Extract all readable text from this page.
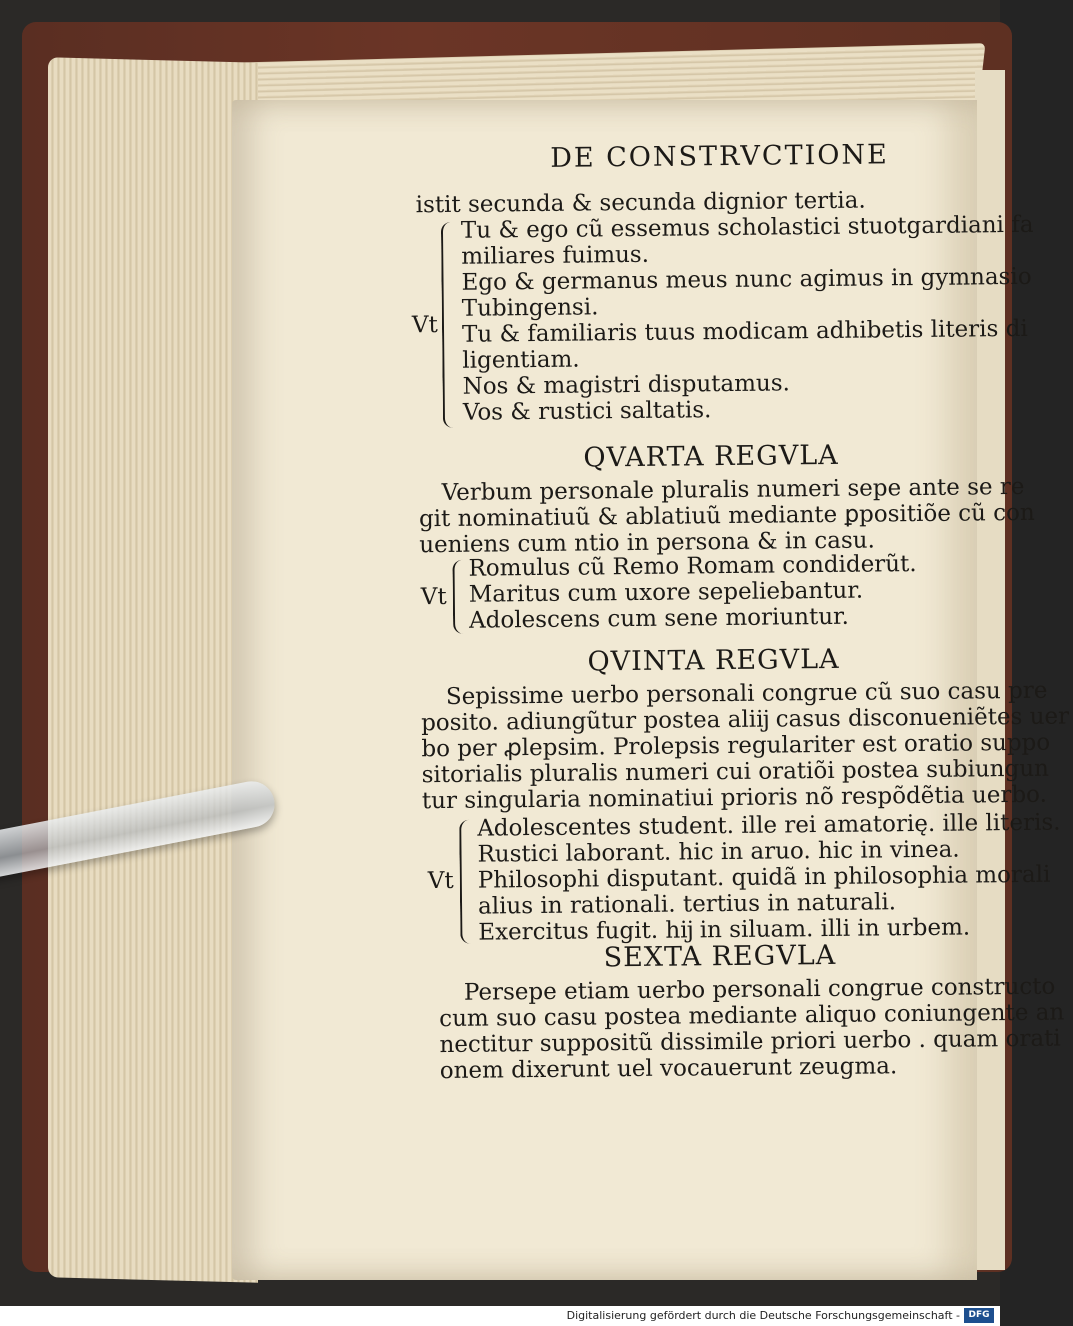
DE CONSTRVCTIONE
istit secunda & secunda dignior tertia.
Vt
Tu & ego cũ essemus scholastici stuotgardiani fa
miliares fuimus.
Ego & germanus meus nunc agimus in gymnasio
Tubingensi.
Tu & familiaris tuus modicam adhibetis literis di
ligentiam.
Nos & magistri disputamus.
Vos & rustici saltatis.
QVARTA REGVLA
Verbum personale pluralis numeri sepe ante se re
git nominatiuũ & ablatiuũ mediante ꝑpositiõe cũ con
ueniens cum ntio in persona & in casu.
Vt
Romulus cũ Remo Romam condiderũt.
Maritus cum uxore sepeliebantur.
Adolescens cum sene moriuntur.
QVINTA REGVLA
Sepissime uerbo personali congrue cũ suo casu pre
posito. adiungũtur postea aliĳ casus disconueniẽtes uer
bo per ꝓlepsim. Prolepsis regulariter est oratio suppo
sitorialis pluralis numeri cui oratiõi postea subiungun
tur singularia nominatiui prioris nõ respõdẽtia uerbo.
Vt
Adolescentes student. ille rei amatorię. ille literis.
Rustici laborant. hic in aruo. hic in vinea.
Philosophi disputant. quidã in philosophia morali
alius in rationali. tertius in naturali.
Exercitus fugit. hĳ in siluam. illi in urbem.
SEXTA REGVLA
Persepe etiam uerbo personali congrue constructo
cum suo casu postea mediante aliquo coniungente an
nectitur suppositũ dissimile priori uerbo . quam orati
onem dixerunt uel vocauerunt zeugma.
Digitalisierung gefördert durch die Deutsche Forschungsgemeinschaft - DFG
